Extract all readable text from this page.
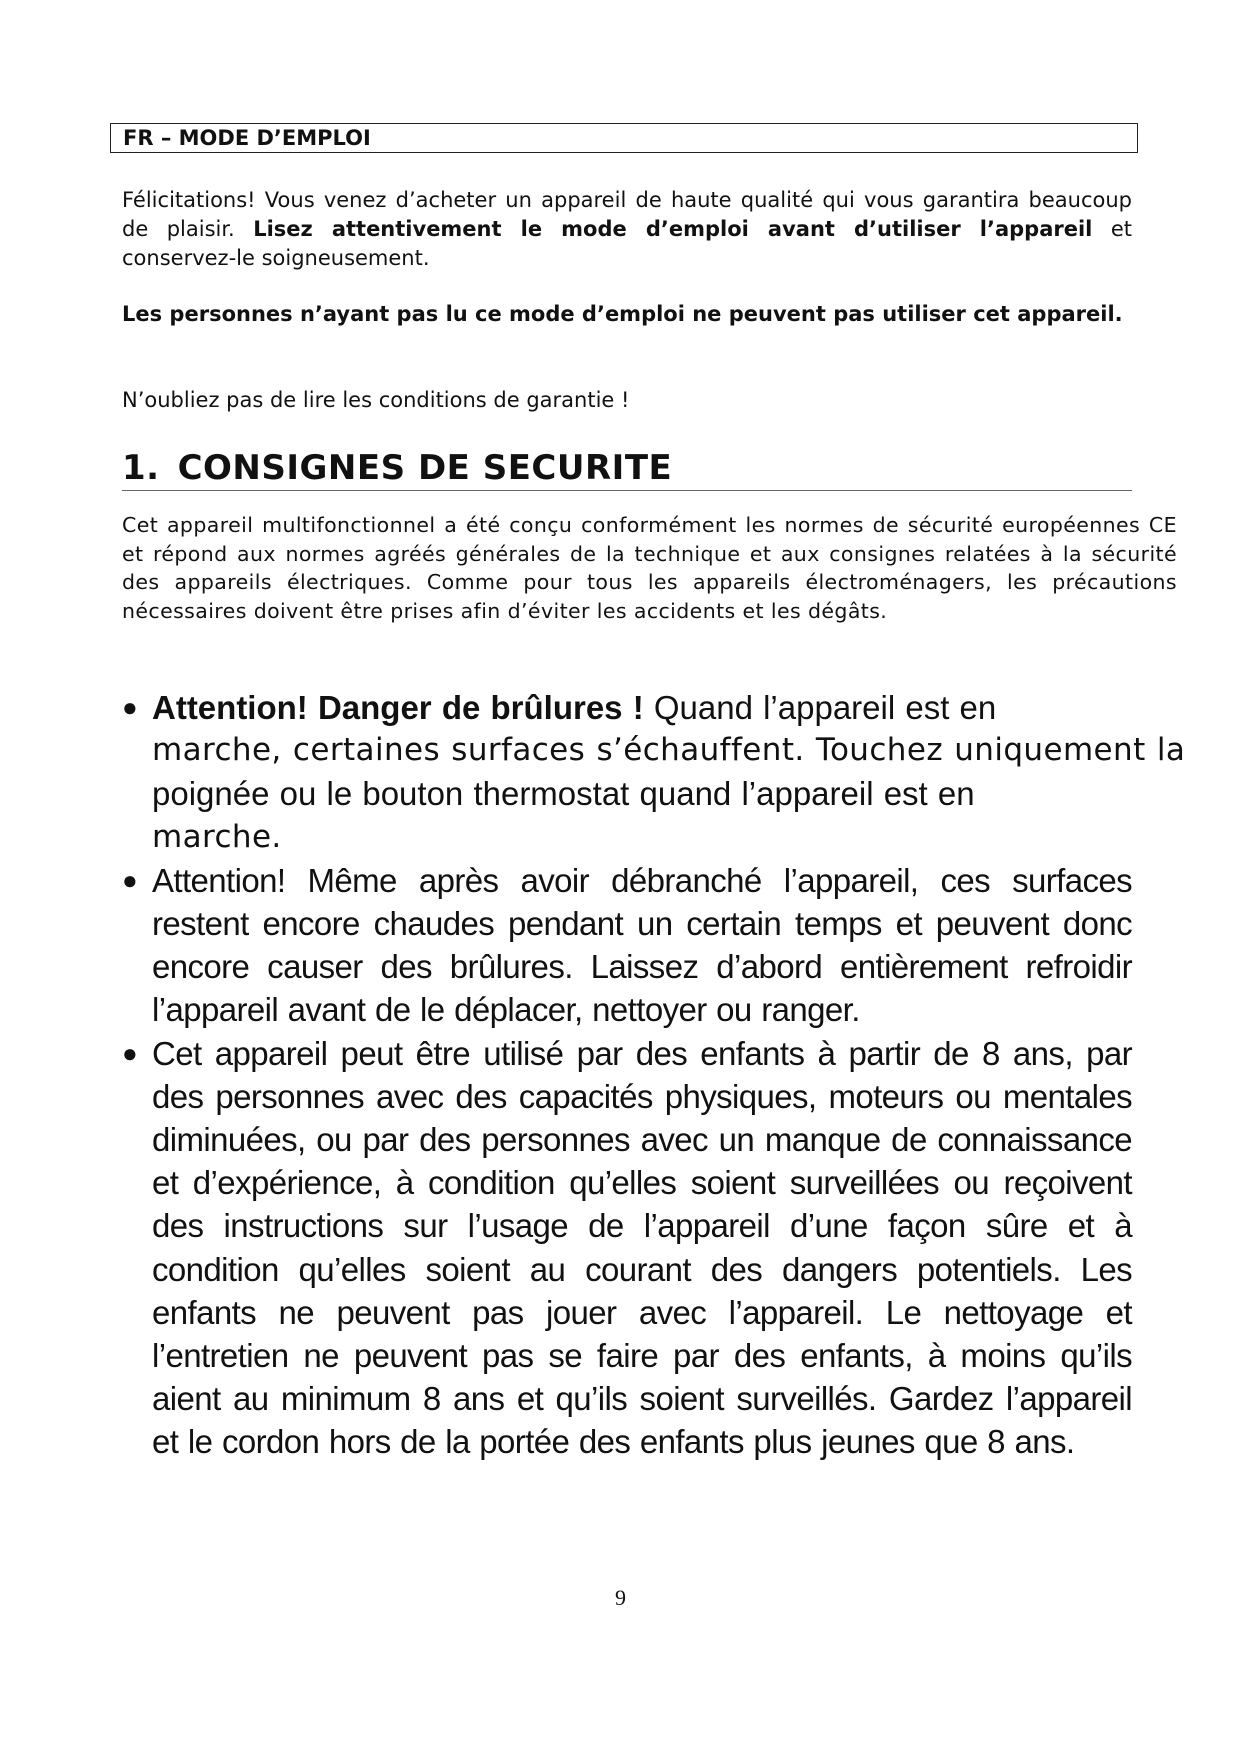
FR – MODE D’EMPLOI

Félicitations! Vous venez d’acheter un appareil de haute qualité qui vous garantira beaucoup de plaisir. Lisez attentivement le mode d’emploi avant d’utiliser l’appareil et conservez-le soigneusement.

Les personnes n’ayant pas lu ce mode d’emploi ne peuvent pas utiliser cet appareil.

N’oubliez pas de lire les conditions de garantie !

1. CONSIGNES DE SECURITE

Cet appareil multifonctionnel a été conçu conformément les normes de sécurité européennes CE et répond aux normes agréés générales de la technique et aux consignes relatées à la sécurité des appareils électriques. Comme pour tous les appareils électroménagers, les précautions nécessaires doivent être prises afin d’éviter les accidents et les dégâts.

● Attention! Danger de brûlures ! Quand l’appareil est en
marche, certaines surfaces s’échauffent. Touchez uniquement la
poignée ou le bouton thermostat quand l’appareil est en
marche.
● Attention! Même après avoir débranché l’appareil, ces surfaces restent encore chaudes pendant un certain temps et peuvent donc encore causer des brûlures. Laissez d’abord entièrement refroidir l’appareil avant de le déplacer, nettoyer ou ranger.
● Cet appareil peut être utilisé par des enfants à partir de 8 ans, par des personnes avec des capacités physiques, moteurs ou mentales diminuées, ou par des personnes avec un manque de connaissance et d’expérience, à condition qu’elles soient surveillées ou reçoivent des instructions sur l’usage de l’appareil d’une façon sûre et à condition qu’elles soient au courant des dangers potentiels. Les enfants ne peuvent pas jouer avec l’appareil. Le nettoyage et l’entretien ne peuvent pas se faire par des enfants, à moins qu’ils aient au minimum 8 ans et qu’ils soient surveillés. Gardez l’appareil et le cordon hors de la portée des enfants plus jeunes que 8 ans.
9
